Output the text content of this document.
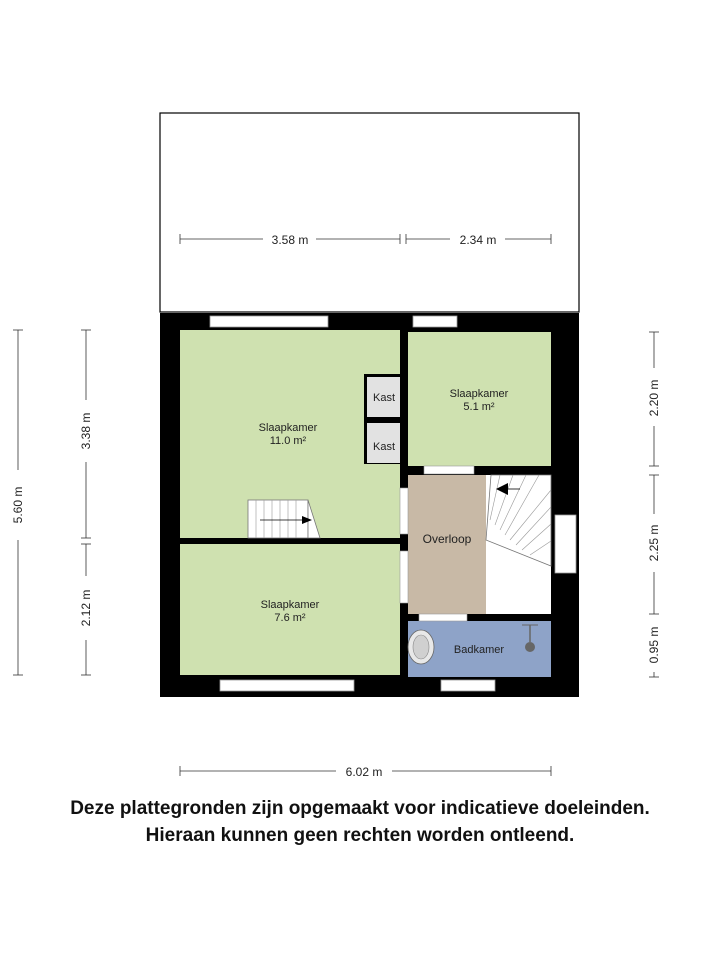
Slaapkamer
11.0 m²
Slaapkamer
5.1 m²
Slaapkamer
7.6 m²
Overloop
Badkamer
Kast
Kast
3.58 m	2.34 m
5.60 m
3.38 m
2.12 m
2.20 m
2.25 m
0.95 m
6.02 m
Deze plattegronden zijn opgemaakt voor indicatieve doeleinden.
Hieraan kunnen geen rechten worden ontleend.
